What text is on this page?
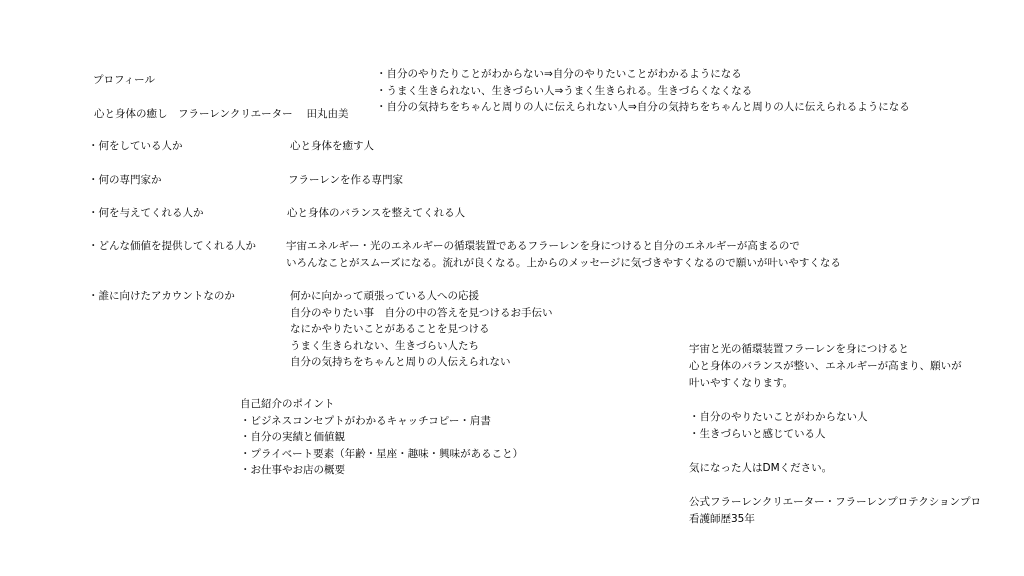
プロフィール

心と身体の癒し　フラーレンクリエーター　 田丸由美

・自分のやりたりことがわからない⇒自分のやりたいことがわかるようになる
・うまく生きられない、生きづらい人⇒うまく生きられる。生きづらくなくなる
・自分の気持ちをちゃんと周りの人に伝えられない人⇒自分の気持ちをちゃんと周りの人に伝えられるようになる

・何をしている人か	心と身体を癒す人

・何の専門家か	フラーレンを作る専門家

・何を与えてくれる人か	心と身体のバランスを整えてくれる人

・どんな価値を提供してくれる人か	宇宙エネルギー・光のエネルギーの循環装置であるフラーレンを身につけると自分のエネルギーが高まるので
いろんなことがスムーズになる。流れが良くなる。上からのメッセージに気づきやすくなるので願いが叶いやすくなる

・誰に向けたアカウントなのか	何かに向かって頑張っている人への応援
自分のやりたい事　自分の中の答えを見つけるお手伝い
なにかやりたいことがあることを見つける
うまく生きられない、生きづらい人たち
自分の気持ちをちゃんと周りの人伝えられない
自己紹介のポイント
・ビジネスコンセプトがわかるキャッチコピー・肩書
・自分の実績と価値観
・プライベート要素（年齢・星座・趣味・興味があること）
・お仕事やお店の概要
宇宙と光の循環装置フラーレンを身につけると
心と身体のバランスが整い、エネルギーが高まり、願いが
叶いやすくなります。
・自分のやりたいことがわからない人
・生きづらいと感じている人
気になった人はDMください。
公式フラーレンクリエーター・フラーレンプロテクションプロ
看護師歴35年
